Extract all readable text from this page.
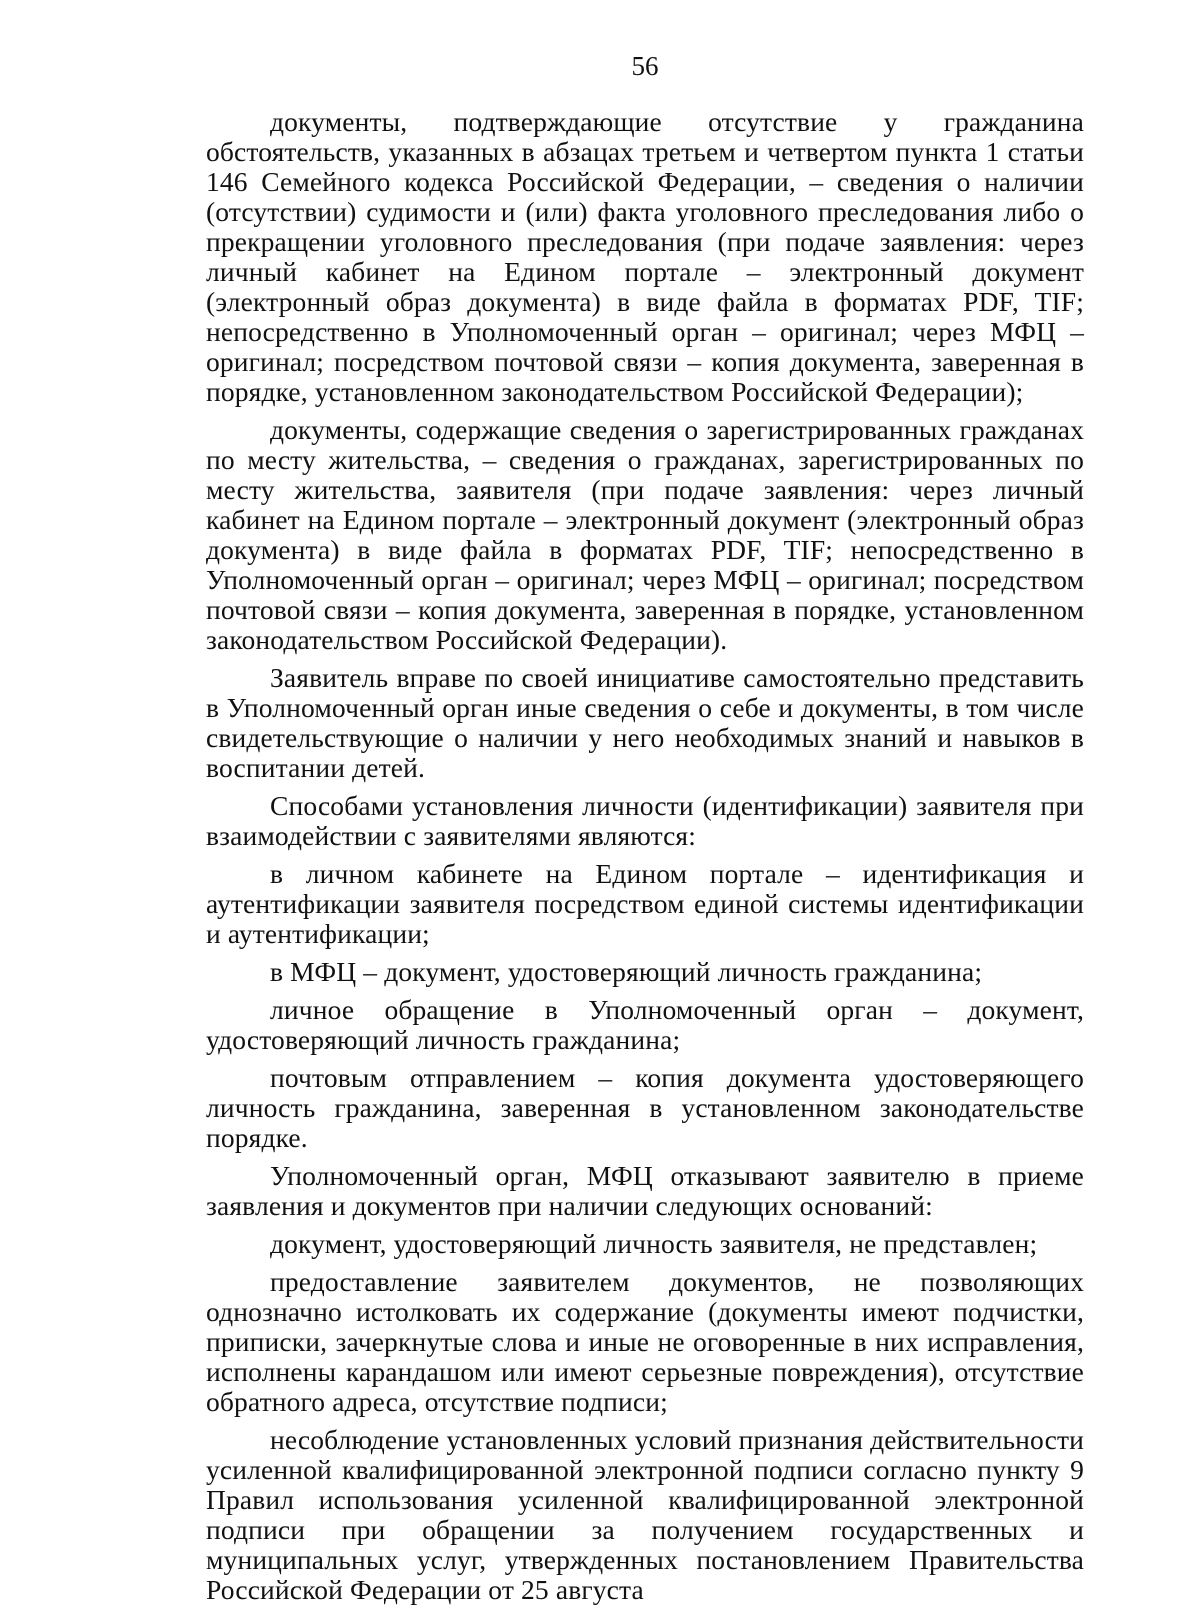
56

документы, подтверждающие отсутствие у гражданина обстоятельств, указанных в абзацах третьем и четвертом пункта 1 статьи 146 Семейного кодекса Российской Федерации, – сведения о наличии (отсутствии) судимости и (или) факта уголовного преследования либо о прекращении уголовного преследования (при подаче заявления: через личный кабинет на Едином портале – электронный документ (электронный образ документа) в виде файла в форматах PDF, TIF; непосредственно в Уполномоченный орган – оригинал; через МФЦ – оригинал; посредством почтовой связи – копия документа, заверенная в порядке, установленном законодательством Российской Федерации);

документы, содержащие сведения о зарегистрированных гражданах по месту жительства, – сведения о гражданах, зарегистрированных по месту жительства, заявителя (при подаче заявления: через личный кабинет на Едином портале – электронный документ (электронный образ документа) в виде файла в форматах PDF, TIF; непосредственно в Уполномоченный орган – оригинал; через МФЦ – оригинал; посредством почтовой связи – копия документа, заверенная в порядке, установленном законодательством Российской Федерации).

Заявитель вправе по своей инициативе самостоятельно представить в Уполномоченный орган иные сведения о себе и документы, в том числе свидетельствующие о наличии у него необходимых знаний и навыков в воспитании детей.

Способами установления личности (идентификации) заявителя при взаимодействии с заявителями являются:

в личном кабинете на Едином портале – идентификация и аутентификации заявителя посредством единой системы идентификации и аутентификации;

в МФЦ – документ, удостоверяющий личность гражданина;

личное обращение в Уполномоченный орган – документ, удостоверяющий личность гражданина;

почтовым отправлением – копия документа удостоверяющего личность гражданина, заверенная в установленном законодательстве порядке.

Уполномоченный орган, МФЦ отказывают заявителю в приеме заявления и документов при наличии следующих оснований:

документ, удостоверяющий личность заявителя, не представлен;

предоставление заявителем документов, не позволяющих однозначно истолковать их содержание (документы имеют подчистки, приписки, зачеркнутые слова и иные не оговоренные в них исправления, исполнены карандашом или имеют серьезные повреждения), отсутствие обратного адреса, отсутствие подписи;

несоблюдение установленных условий признания действительности усиленной квалифицированной электронной подписи согласно пункту 9 Правил использования усиленной квалифицированной электронной подписи при обращении за получением государственных и муниципальных услуг, утвержденных постановлением Правительства Российской Федерации от 25 августа
